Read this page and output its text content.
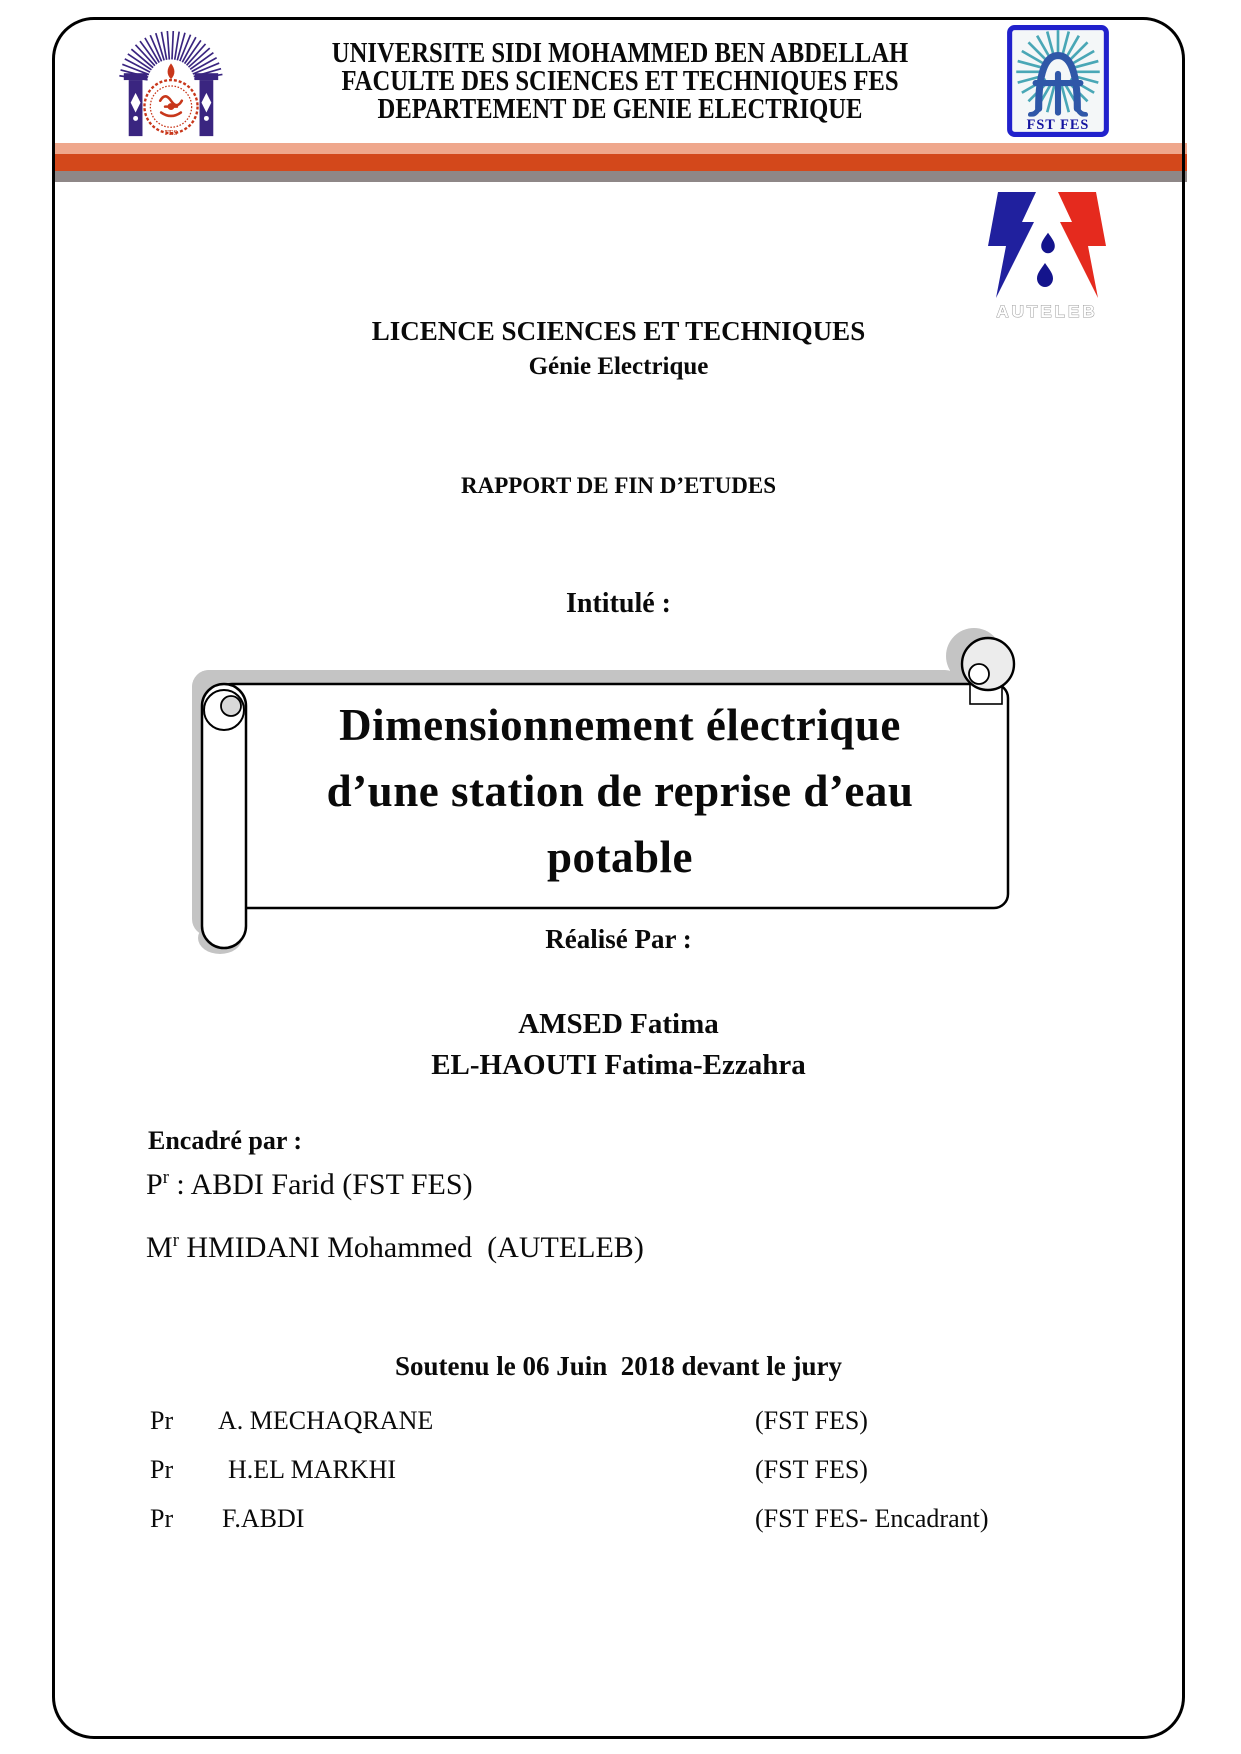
FES
UNIVERSITE SIDI MOHAMMED BEN ABDELLAH
FACULTE DES SCIENCES ET TECHNIQUES FES
DEPARTEMENT DE GENIE ELECTRIQUE	FST FES
AUTELEB
LICENCE SCIENCES ET TECHNIQUES
Génie Electrique
RAPPORT DE FIN D’ETUDES
Intitulé :
Dimensionnement électrique
d’une station de reprise d’eau
potable
Réalisé Par :
AMSED Fatima
EL-HAOUTI Fatima-Ezzahra
Encadré par :
$P^r$ : ABDI Farid (FST FES)
$M^r$ HMIDANI Mohammed  (AUTELEB)
Soutenu le 06 Juin  2018 devant le jury
Pr A. MECHAQRANE	(FST FES)
Pr H.EL MARKHI	(FST FES)
Pr F.ABDI	(FST FES- Encadrant)
